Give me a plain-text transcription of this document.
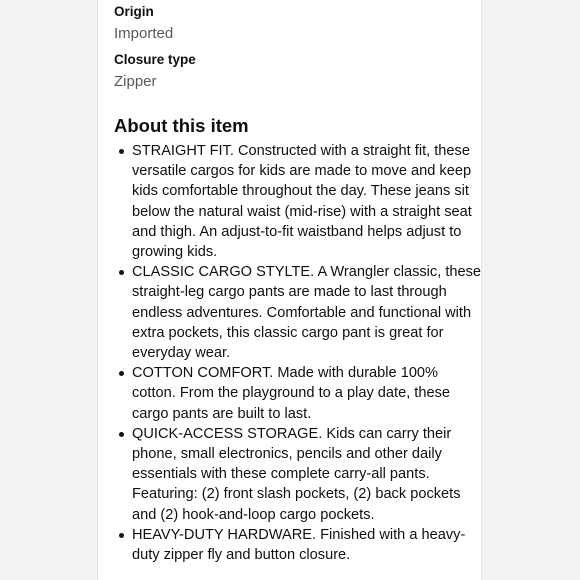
Origin
Imported
Closure type
Zipper
About this item
STRAIGHT FIT. Constructed with a straight fit, these versatile cargos for kids are made to move and keep kids comfortable throughout the day. These jeans sit below the natural waist (mid-rise) with a straight seat and thigh. An adjust-to-fit waistband helps adjust to growing kids.
CLASSIC CARGO STYLTE. A Wrangler classic, these straight-leg cargo pants are made to last through endless adventures. Comfortable and functional with extra pockets, this classic cargo pant is great for everyday wear.
COTTON COMFORT. Made with durable 100% cotton. From the playground to a play date, these cargo pants are built to last.
QUICK-ACCESS STORAGE. Kids can carry their phone, small electronics, pencils and other daily essentials with these complete carry-all pants. Featuring: (2) front slash pockets, (2) back pockets and (2) hook-and-loop cargo pockets.
HEAVY-DUTY HARDWARE. Finished with a heavy-duty zipper fly and button closure.
